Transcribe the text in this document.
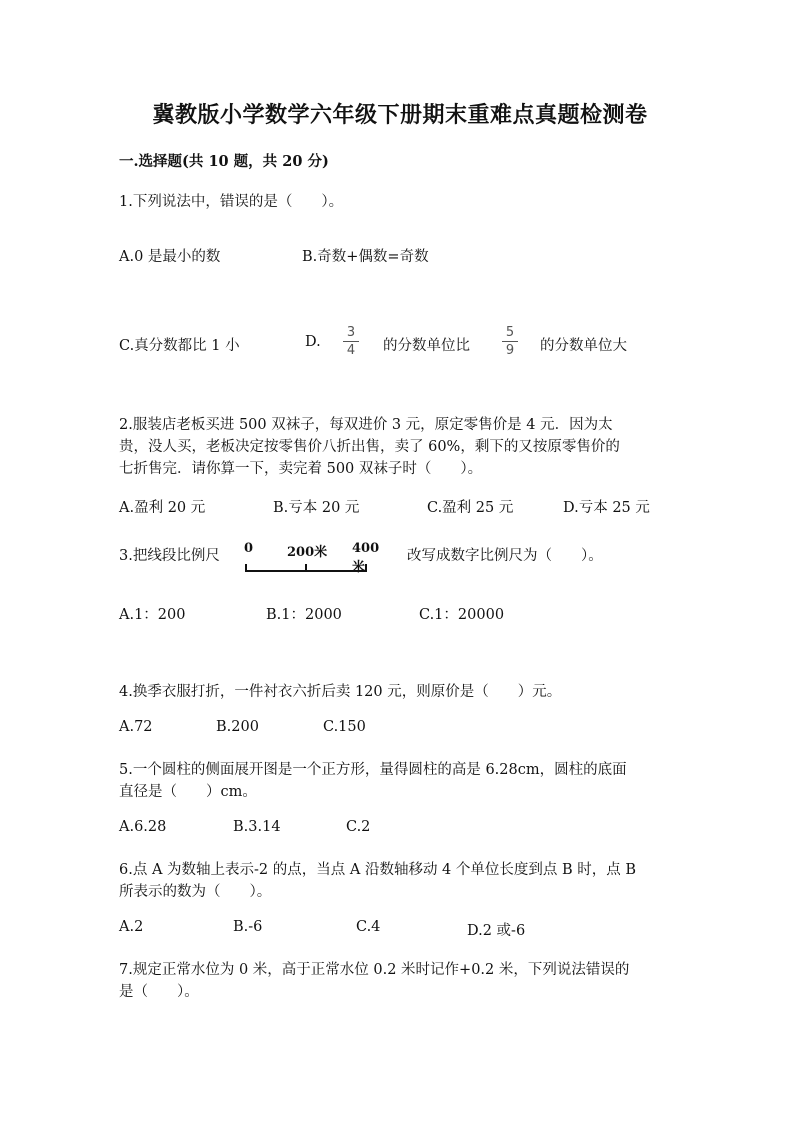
冀教版小学数学六年级下册期末重难点真题检测卷
一.选择题(共 10 题，共 20 分)
1.下列说法中，错误的是（　　）。
A.0 是最小的数	B.奇数+偶数=奇数
C.真分数都比 1 小	D.
3
4 的分数单位比
5
9 的分数单位大
2.服装店老板买进 500 双袜子，每双进价 3 元，原定零售价是 4 元．因为太
贵，没人买，老板决定按零售价八折出售，卖了 60%，剩下的又按原零售价的
七折售完．请你算一下，卖完着 500 双袜子时（　　）。
A.盈利 20 元	B.亏本 20 元	C.盈利 25 元	D.亏本 25 元
3.把线段比例尺 0	200米 400米
改写成数字比例尺为（　　）。
A.1：200	B.1：2000	C.1：20000
4.换季衣服打折，一件衬衣六折后卖 120 元，则原价是（　　）元。
A.72	B.200	C.150
5.一个圆柱的侧面展开图是一个正方形，量得圆柱的高是 6.28cm，圆柱的底面
直径是（　　）cm。
A.6.28	B.3.14	C.2
6.点 A 为数轴上表示-2 的点，当点 A 沿数轴移动 4 个单位长度到点 B 时，点 B
所表示的数为（　　）。
A.2	B.-6	C.4	D.2 或-6
7.规定正常水位为 0 米，高于正常水位 0.2 米时记作+0.2 米，下列说法错误的
是（　　）。
